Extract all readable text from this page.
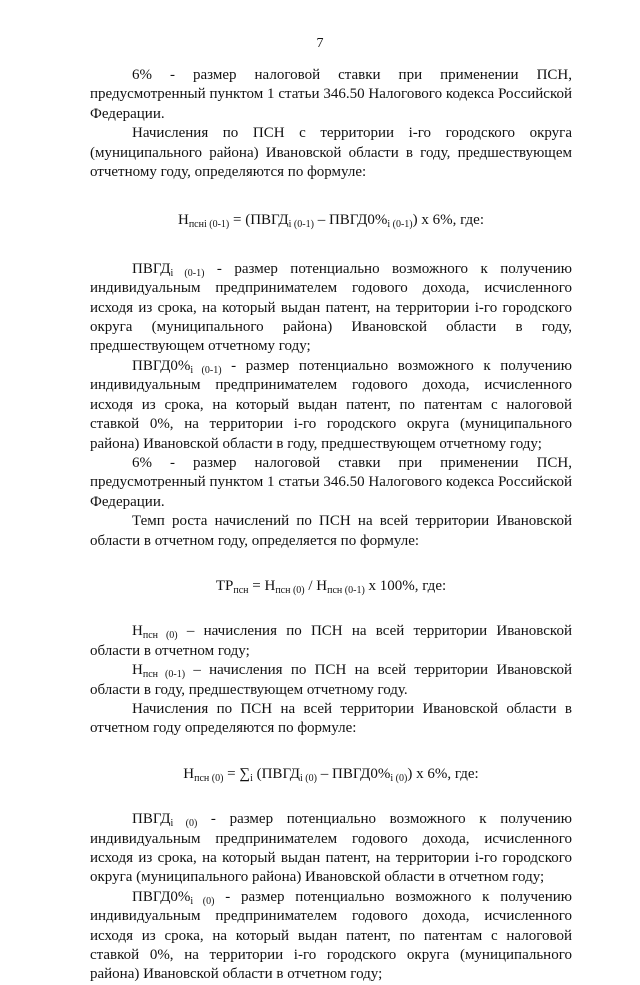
7

6% - размер налоговой ставки при применении ПСН, предусмотренный пунктом 1 статьи 346.50 Налогового кодекса Российской Федерации.

Начисления по ПСН с территории i-го городского округа (муниципального района) Ивановской области в году, предшествующем отчетному году, определяются по формуле:

$Н_{пснi (0-1)}$ = ($ПВГД_{i (0-1)}$ – $ПВГД0\%_{i (0-1)}$) х 6%, где:

$ПВГД_{i (0-1)}$ - размер потенциально возможного к получению индивидуальным предпринимателем годового дохода, исчисленного исходя из срока, на который выдан патент, на территории i-го городского округа (муниципального района) Ивановской области в году, предшествующем отчетному году;

$ПВГД0\%_{i (0-1)}$ - размер потенциально возможного к получению индивидуальным предпринимателем годового дохода, исчисленного исходя из срока, на который выдан патент, по патентам с налоговой ставкой 0%, на территории i-го городского округа (муниципального района) Ивановской области в году, предшествующем отчетному году;

6% - размер налоговой ставки при применении ПСН, предусмотренный пунктом 1 статьи 346.50 Налогового кодекса Российской Федерации.

Темп роста начислений по ПСН на всей территории Ивановской области в отчетном году, определяется по формуле:

$ТР_{псн} = Н_{псн (0)} / Н_{псн (0-1)}$ х 100%, где:

$Н_{псн (0)}$ – начисления по ПСН на всей территории Ивановской области в отчетном году;

$Н_{псн (0-1)}$ – начисления по ПСН на всей территории Ивановской области в году, предшествующем отчетному году.

Начисления по ПСН на всей территории Ивановской области в отчетном году определяются по формуле:

$Н_{псн (0)} = \sum_i$ ($ПВГД_{i (0)}$ – $ПВГД0\%_{i (0)}$) х 6%, где:

$ПВГД_{i (0)}$ - размер потенциально возможного к получению индивидуальным предпринимателем годового дохода, исчисленного исходя из срока, на который выдан патент, на территории i-го городского округа (муниципального района) Ивановской области в отчетном году;

$ПВГД0\%_{i (0)}$ - размер потенциально возможного к получению индивидуальным предпринимателем годового дохода, исчисленного исходя из срока, на который выдан патент, по патентам с налоговой ставкой 0%, на территории i-го городского округа (муниципального района) Ивановской области в отчетном году;
